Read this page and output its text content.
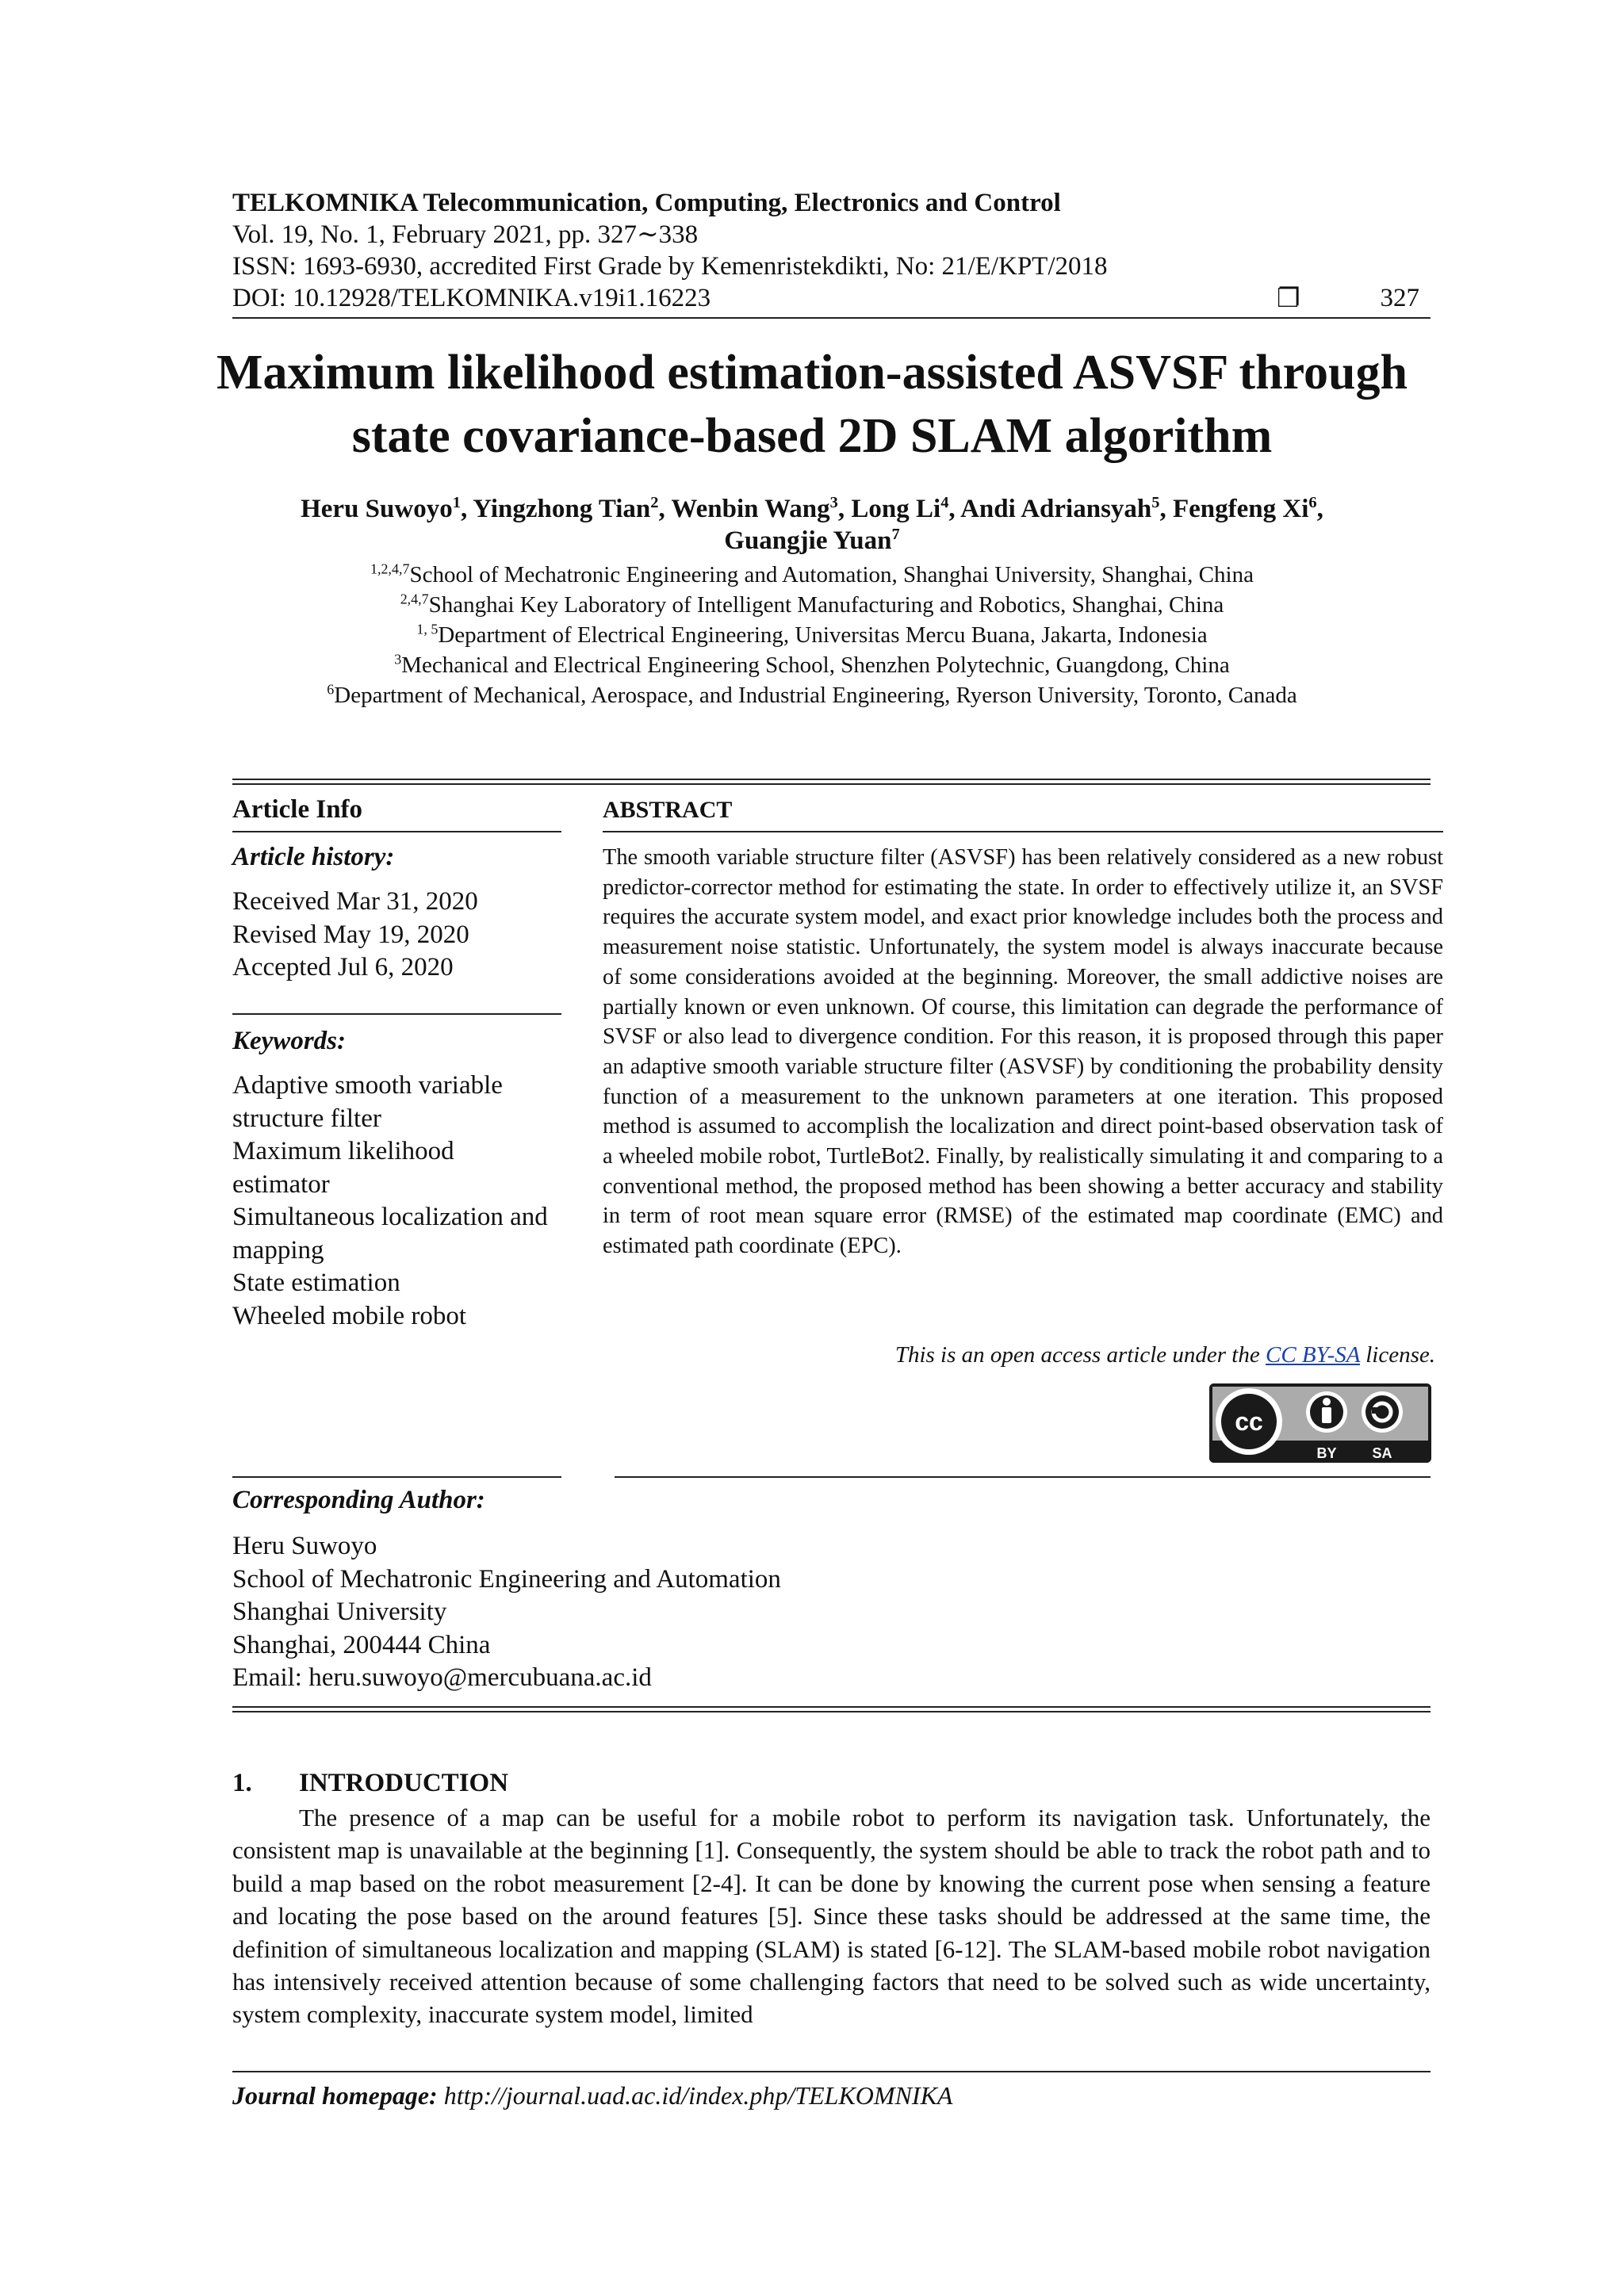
TELKOMNIKA Telecommunication, Computing, Electronics and Control
Vol. 19, No. 1, February 2021, pp. 327∼338
ISSN: 1693-6930, accredited First Grade by Kemenristekdikti, No: 21/E/KPT/2018
DOI: 10.12928/TELKOMNIKA.v19i1.16223	❐	327
Maximum likelihood estimation-assisted ASVSF through
state covariance-based 2D SLAM algorithm
Heru Suwoyo$^1$, Yingzhong Tian$^2$, Wenbin Wang$^3$, Long Li$^4$, Andi Adriansyah$^5$, Fengfeng Xi$^6$,
Guangjie Yuan$^7$
$^{1,2,4,7}$School of Mechatronic Engineering and Automation, Shanghai University, Shanghai, China
$^{2,4,7}$Shanghai Key Laboratory of Intelligent Manufacturing and Robotics, Shanghai, China
$^{1, 5}$Department of Electrical Engineering, Universitas Mercu Buana, Jakarta, Indonesia
$^3$Mechanical and Electrical Engineering School, Shenzhen Polytechnic, Guangdong, China
$^6$Department of Mechanical, Aerospace, and Industrial Engineering, Ryerson University, Toronto, Canada
Article Info
Article history:
Received Mar 31, 2020
Revised May 19, 2020
Accepted Jul 6, 2020
Keywords:
Adaptive smooth variable
structure filter
Maximum likelihood
estimator
Simultaneous localization and
mapping
State estimation
Wheeled mobile robot
ABSTRACT
The smooth variable structure filter (ASVSF) has been relatively considered as a new robust predictor-corrector method for estimating the state. In order to effectively utilize it, an SVSF requires the accurate system model, and exact prior knowledge includes both the process and measurement noise statistic. Unfortunately, the system model is always inaccurate because of some considerations avoided at the beginning. Moreover, the small addictive noises are partially known or even unknown. Of course, this limitation can degrade the performance of SVSF or also lead to divergence condition. For this reason, it is proposed through this paper an adaptive smooth variable structure filter (ASVSF) by conditioning the probability density function of a measurement to the unknown parameters at one iteration. This proposed method is assumed to accomplish the localization and direct point-based observation task of a wheeled mobile robot, TurtleBot2. Finally, by realistically simulating it and comparing to a conventional method, the proposed method has been showing a better accuracy and stability in term of root mean square error (RMSE) of the estimated map coordinate (EMC) and estimated path coordinate (EPC).
This is an open access article under the CC BY-SA license.
cc
BY SA
Corresponding Author:
Heru Suwoyo
School of Mechatronic Engineering and Automation
Shanghai University
Shanghai, 200444 China
Email: heru.suwoyo@mercubuana.ac.id
1. INTRODUCTION
The presence of a map can be useful for a mobile robot to perform its navigation task. Unfortunately, the consistent map is unavailable at the beginning [1]. Consequently, the system should be able to track the robot path and to build a map based on the robot measurement [2-4]. It can be done by knowing the current pose when sensing a feature and locating the pose based on the around features [5]. Since these tasks should be addressed at the same time, the definition of simultaneous localization and mapping (SLAM) is stated [6-12]. The SLAM-based mobile robot navigation has intensively received attention because of some challenging factors that need to be solved such as wide uncertainty, system complexity, inaccurate system model, limited
Journal homepage: http://journal.uad.ac.id/index.php/TELKOMNIKA
